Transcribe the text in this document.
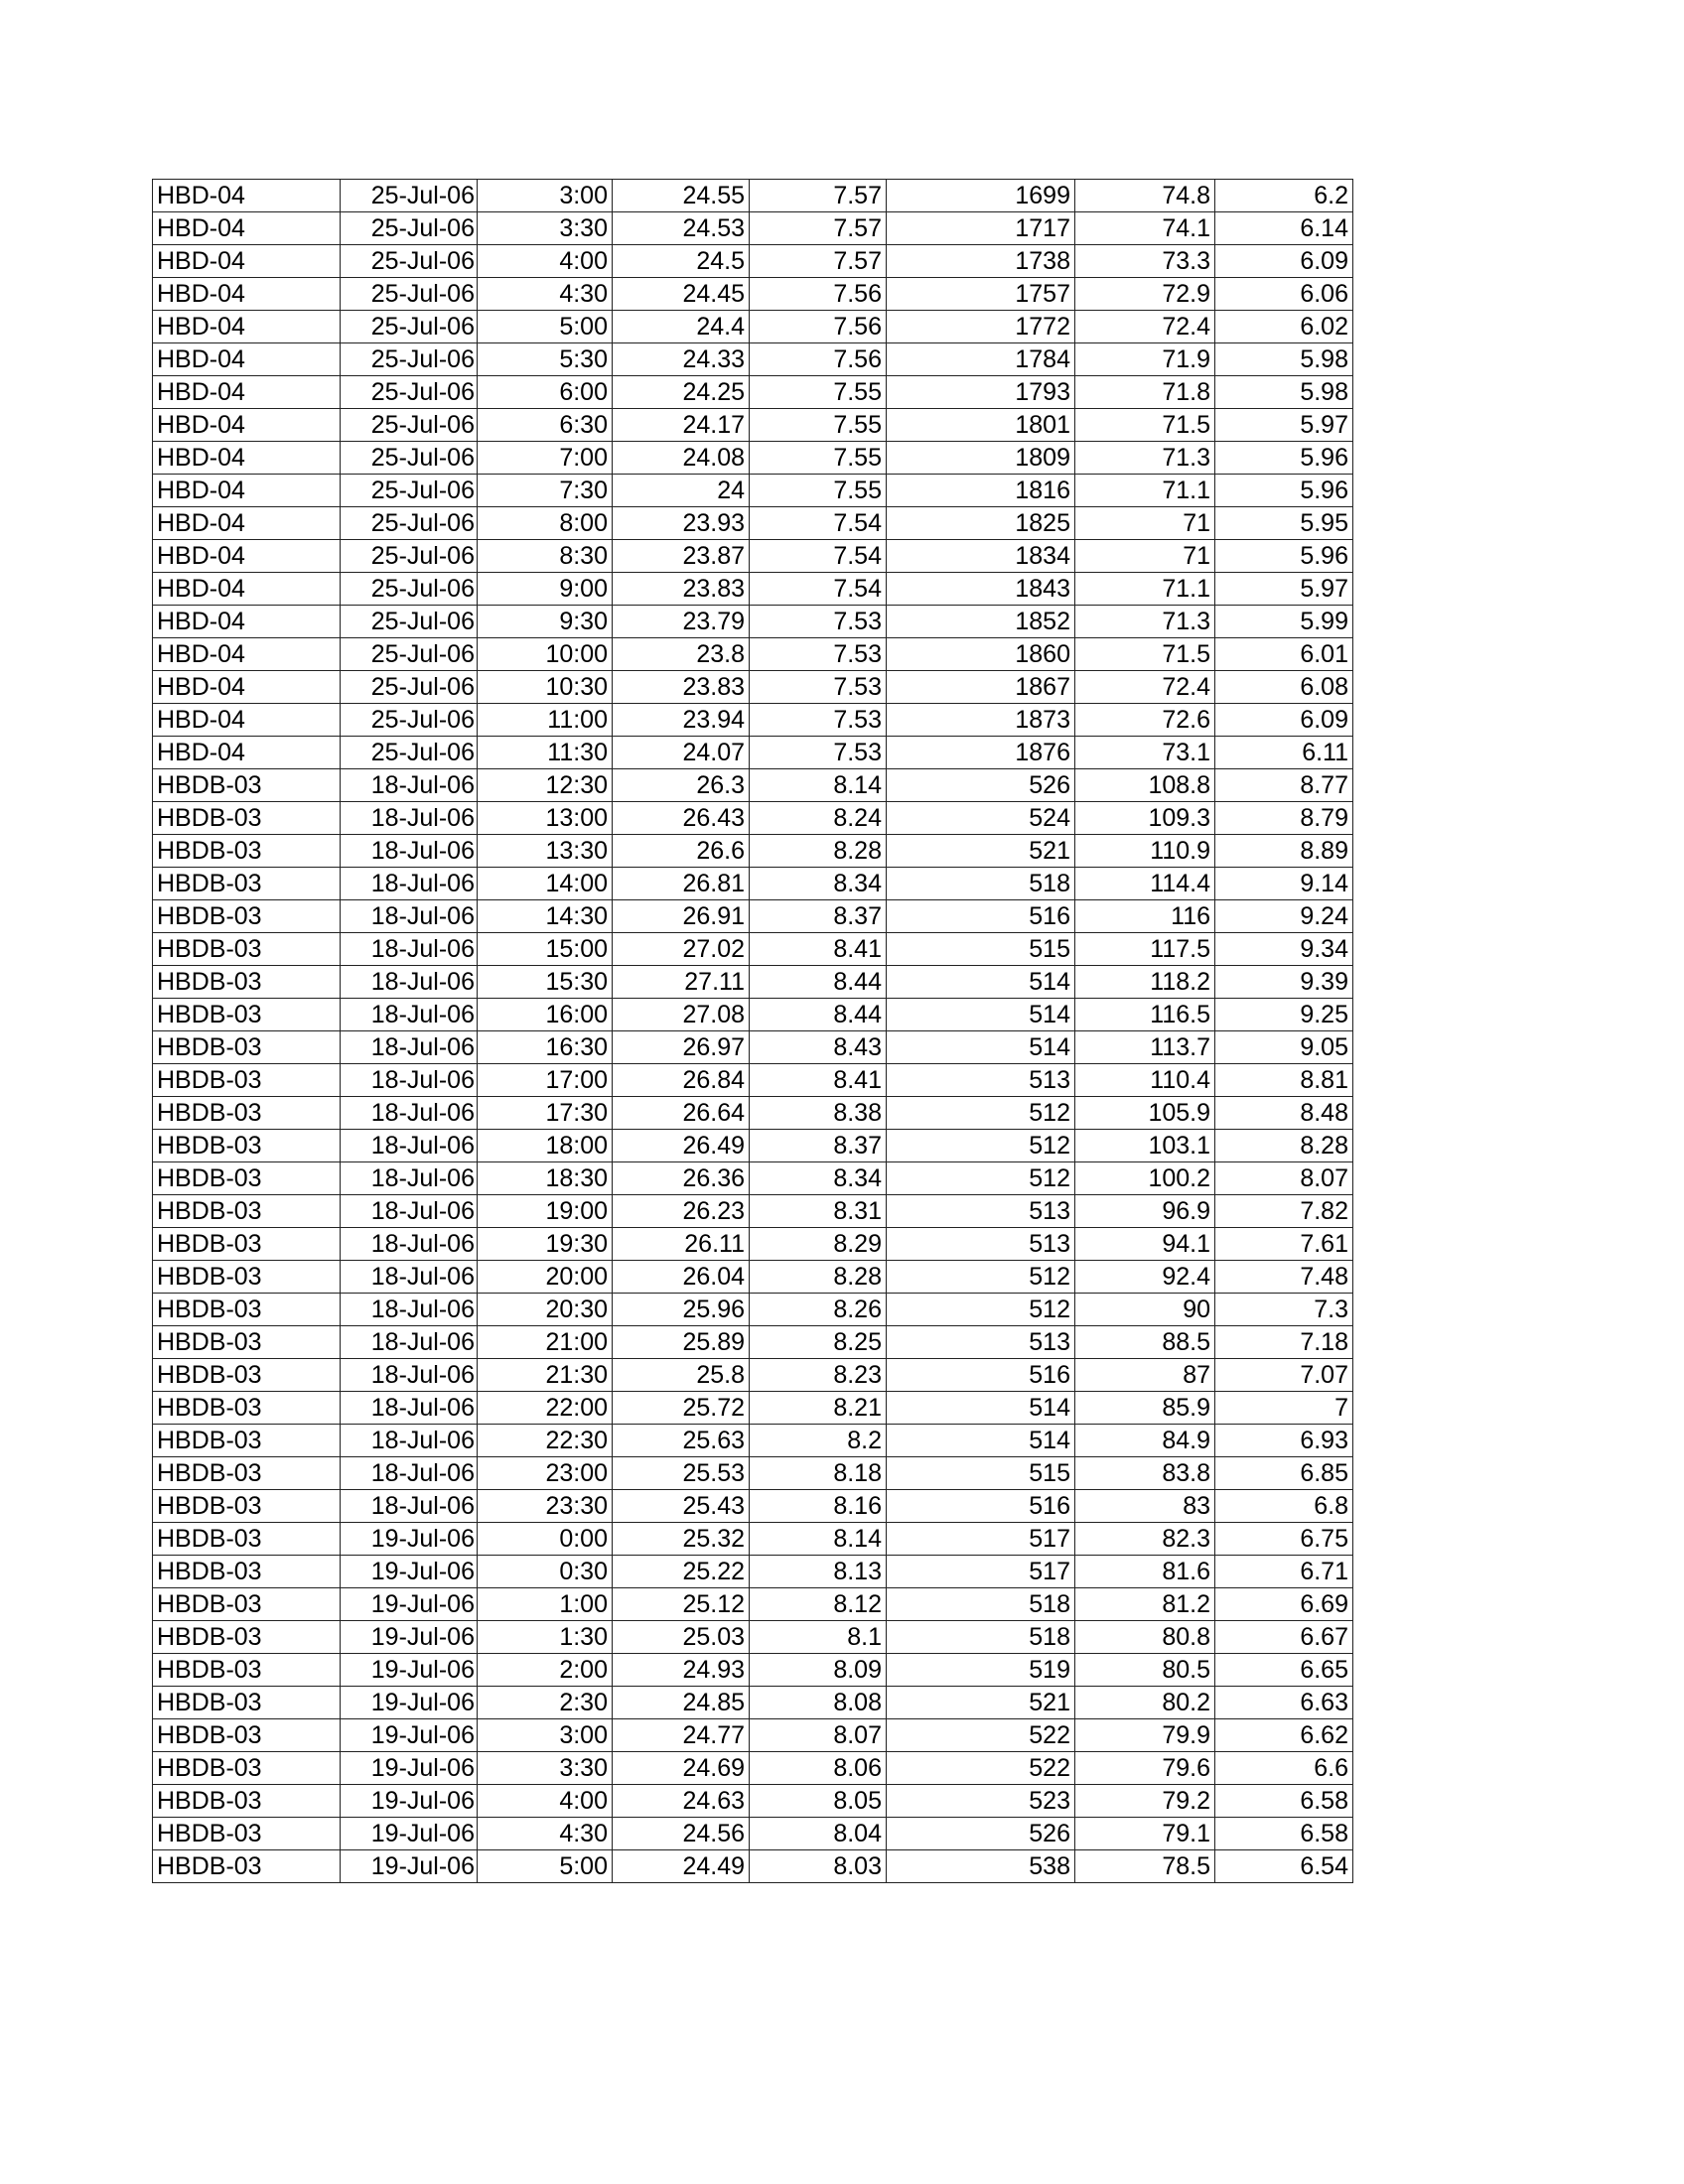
HBD-04	25-Jul-06	3:00	24.55	7.57	1699	74.8	6.2
HBD-04	25-Jul-06	3:30	24.53	7.57	1717	74.1	6.14
HBD-04	25-Jul-06	4:00	24.5	7.57	1738	73.3	6.09
HBD-04	25-Jul-06	4:30	24.45	7.56	1757	72.9	6.06
HBD-04	25-Jul-06	5:00	24.4	7.56	1772	72.4	6.02
HBD-04	25-Jul-06	5:30	24.33	7.56	1784	71.9	5.98
HBD-04	25-Jul-06	6:00	24.25	7.55	1793	71.8	5.98
HBD-04	25-Jul-06	6:30	24.17	7.55	1801	71.5	5.97
HBD-04	25-Jul-06	7:00	24.08	7.55	1809	71.3	5.96
HBD-04	25-Jul-06	7:30	24	7.55	1816	71.1	5.96
HBD-04	25-Jul-06	8:00	23.93	7.54	1825	71	5.95
HBD-04	25-Jul-06	8:30	23.87	7.54	1834	71	5.96
HBD-04	25-Jul-06	9:00	23.83	7.54	1843	71.1	5.97
HBD-04	25-Jul-06	9:30	23.79	7.53	1852	71.3	5.99
HBD-04	25-Jul-06	10:00	23.8	7.53	1860	71.5	6.01
HBD-04	25-Jul-06	10:30	23.83	7.53	1867	72.4	6.08
HBD-04	25-Jul-06	11:00	23.94	7.53	1873	72.6	6.09
HBD-04	25-Jul-06	11:30	24.07	7.53	1876	73.1	6.11
HBDB-03	18-Jul-06	12:30	26.3	8.14	526	108.8	8.77
HBDB-03	18-Jul-06	13:00	26.43	8.24	524	109.3	8.79
HBDB-03	18-Jul-06	13:30	26.6	8.28	521	110.9	8.89
HBDB-03	18-Jul-06	14:00	26.81	8.34	518	114.4	9.14
HBDB-03	18-Jul-06	14:30	26.91	8.37	516	116	9.24
HBDB-03	18-Jul-06	15:00	27.02	8.41	515	117.5	9.34
HBDB-03	18-Jul-06	15:30	27.11	8.44	514	118.2	9.39
HBDB-03	18-Jul-06	16:00	27.08	8.44	514	116.5	9.25
HBDB-03	18-Jul-06	16:30	26.97	8.43	514	113.7	9.05
HBDB-03	18-Jul-06	17:00	26.84	8.41	513	110.4	8.81
HBDB-03	18-Jul-06	17:30	26.64	8.38	512	105.9	8.48
HBDB-03	18-Jul-06	18:00	26.49	8.37	512	103.1	8.28
HBDB-03	18-Jul-06	18:30	26.36	8.34	512	100.2	8.07
HBDB-03	18-Jul-06	19:00	26.23	8.31	513	96.9	7.82
HBDB-03	18-Jul-06	19:30	26.11	8.29	513	94.1	7.61
HBDB-03	18-Jul-06	20:00	26.04	8.28	512	92.4	7.48
HBDB-03	18-Jul-06	20:30	25.96	8.26	512	90	7.3
HBDB-03	18-Jul-06	21:00	25.89	8.25	513	88.5	7.18
HBDB-03	18-Jul-06	21:30	25.8	8.23	516	87	7.07
HBDB-03	18-Jul-06	22:00	25.72	8.21	514	85.9	7
HBDB-03	18-Jul-06	22:30	25.63	8.2	514	84.9	6.93
HBDB-03	18-Jul-06	23:00	25.53	8.18	515	83.8	6.85
HBDB-03	18-Jul-06	23:30	25.43	8.16	516	83	6.8
HBDB-03	19-Jul-06	0:00	25.32	8.14	517	82.3	6.75
HBDB-03	19-Jul-06	0:30	25.22	8.13	517	81.6	6.71
HBDB-03	19-Jul-06	1:00	25.12	8.12	518	81.2	6.69
HBDB-03	19-Jul-06	1:30	25.03	8.1	518	80.8	6.67
HBDB-03	19-Jul-06	2:00	24.93	8.09	519	80.5	6.65
HBDB-03	19-Jul-06	2:30	24.85	8.08	521	80.2	6.63
HBDB-03	19-Jul-06	3:00	24.77	8.07	522	79.9	6.62
HBDB-03	19-Jul-06	3:30	24.69	8.06	522	79.6	6.6
HBDB-03	19-Jul-06	4:00	24.63	8.05	523	79.2	6.58
HBDB-03	19-Jul-06	4:30	24.56	8.04	526	79.1	6.58
HBDB-03	19-Jul-06	5:00	24.49	8.03	538	78.5	6.54
